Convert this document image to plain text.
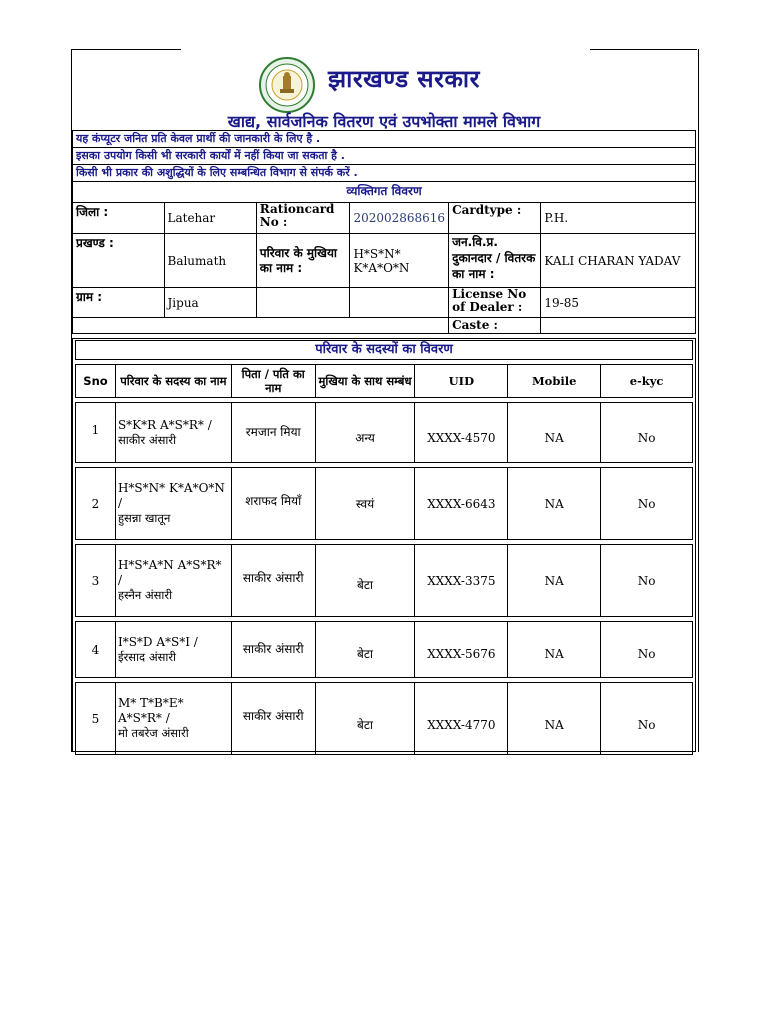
झारखण्ड सरकार
खाद्य, सार्वजनिक वितरण एवं उपभोक्ता मामले विभाग
यह कंप्यूटर जनित प्रति केवल प्रार्थी की जानकारी के लिए है .					
इसका उपयोग किसी भी सरकारी कार्यों में नहीं किया जा सकता है .					
किसी भी प्रकार की अशुद्धियों के लिए सम्बन्धित विभाग से संपर्क करें .					
व्यक्तिगत विवरण					
जिला :	Latehar	Rationcard No :	202002868616	Cardtype :	P.H.
प्रखण्ड :	Balumath	परिवार के मुखिया का नाम :	H*S*N* K*A*O*N	जन.वि.प्र. दुकानदार / वितरक का नाम :	KALI CHARAN YADAV
ग्राम :	Jipua			License No of Dealer :	19-85
				Caste :	
परिवार के सदस्यों का विवरण
Sno	परिवार के सदस्य का नाम	पिता / पति का नाम	मुखिया के साथ सम्बंध	UID	Mobile	e-kyc

1	S*K*R A*S*R* /
साकीर अंसारी	रमजान मिया	अन्य	XXXX-4570	NA	No

2	H*S*N* K*A*O*N /
हुसन्ना खातून	शराफद मियाँ	स्वयं	XXXX-6643	NA	No

3	H*S*A*N A*S*R* /
हस्नैन अंसारी	साकीर अंसारी	बेटा	XXXX-3375	NA	No

4	I*S*D A*S*I /
ईरसाद अंसारी	साकीर अंसारी	बेटा	XXXX-5676	NA	No

5	M* T*B*E* A*S*R* /
मो तबरेज अंसारी	साकीर अंसारी	बेटा	XXXX-4770	NA	No
